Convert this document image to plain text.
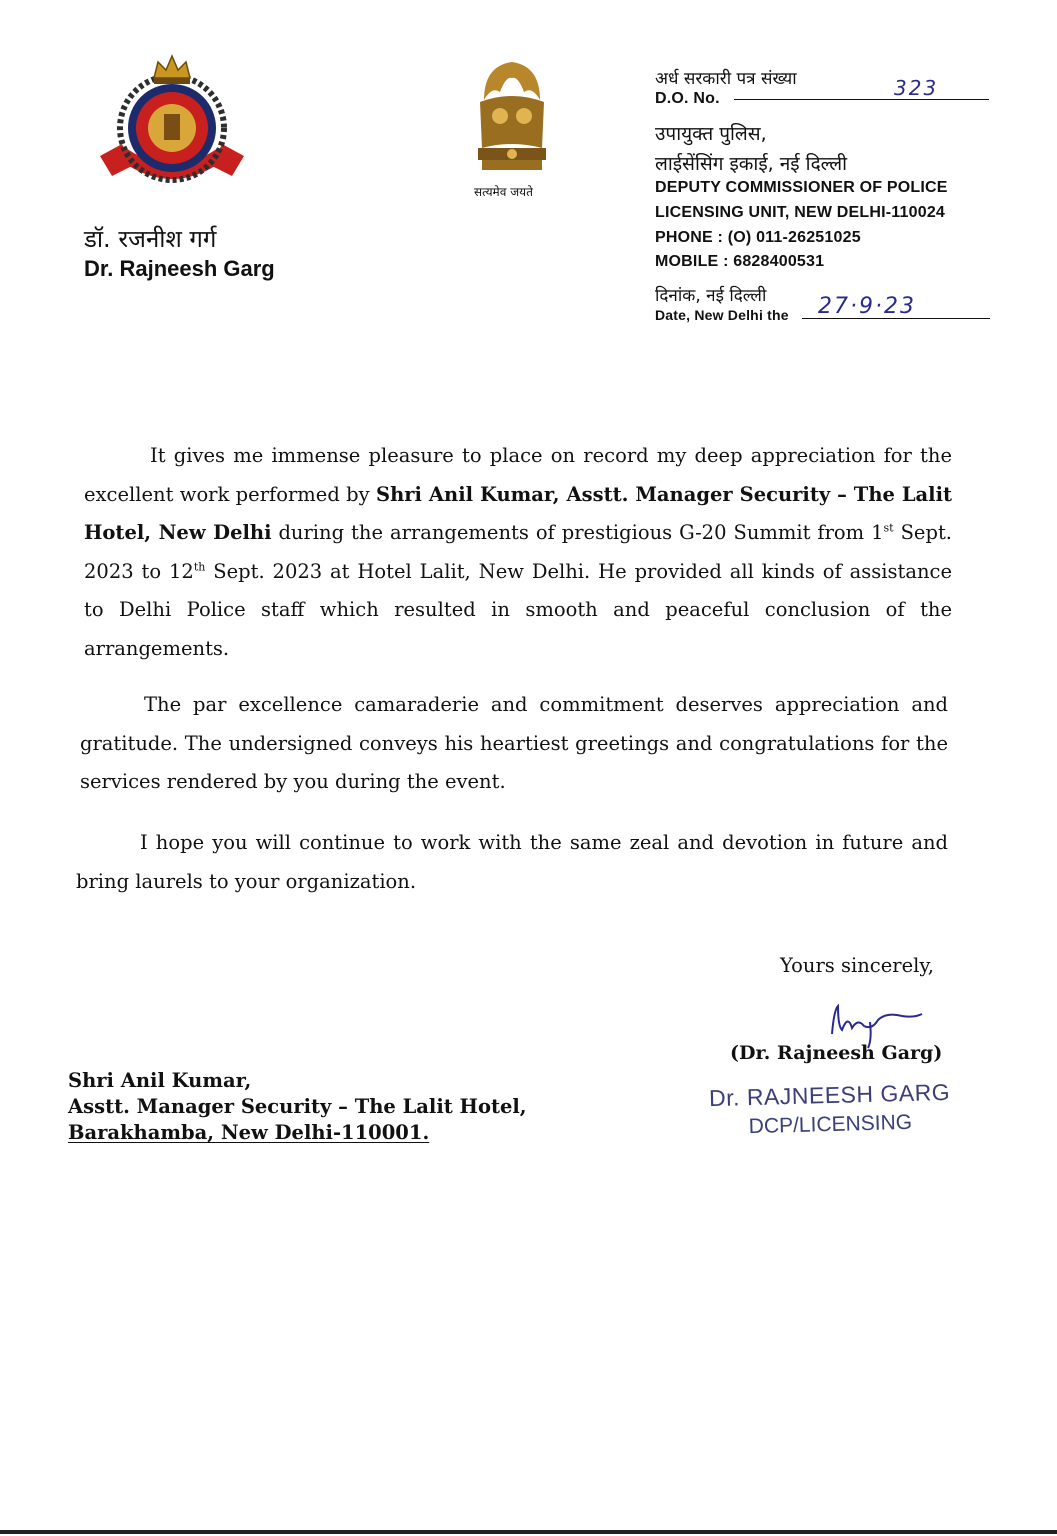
सत्यमेव जयते
डॉ. रजनीश गर्ग
Dr. Rajneesh Garg
अर्ध सरकारी पत्र संख्या
D.O. No.	323
उपायुक्त पुलिस,
लाईसेंसिंग इकाई, नई दिल्ली
DEPUTY COMMISSIONER OF POLICE
LICENSING UNIT, NEW DELHI-110024
PHONE : (O) 011-26251025
MOBILE : 6828400531
दिनांक, नई दिल्ली
Date, New Delhi the 27·9·23

It gives me immense pleasure to place on record my deep appreciation for the excellent work performed by Shri Anil Kumar, Asstt. Manager Security – The Lalit Hotel, New Delhi during the arrangements of prestigious G-20 Summit from 1st Sept. 2023 to 12th Sept. 2023 at Hotel Lalit, New Delhi. He provided all kinds of assistance to Delhi Police staff which resulted in smooth and peaceful conclusion of the arrangements.

The par excellence camaraderie and commitment deserves appreciation and gratitude. The undersigned conveys his heartiest greetings and congratulations for the services rendered by you during the event.

I hope you will continue to work with the same zeal and devotion in future and bring laurels to your organization.

Yours sincerely,
(Dr. Rajneesh Garg)
Dr. RAJNEESH GARG
DCP/LICENSING
Shri Anil Kumar,
Asstt. Manager Security – The Lalit Hotel,
Barakhamba, New Delhi-110001.
